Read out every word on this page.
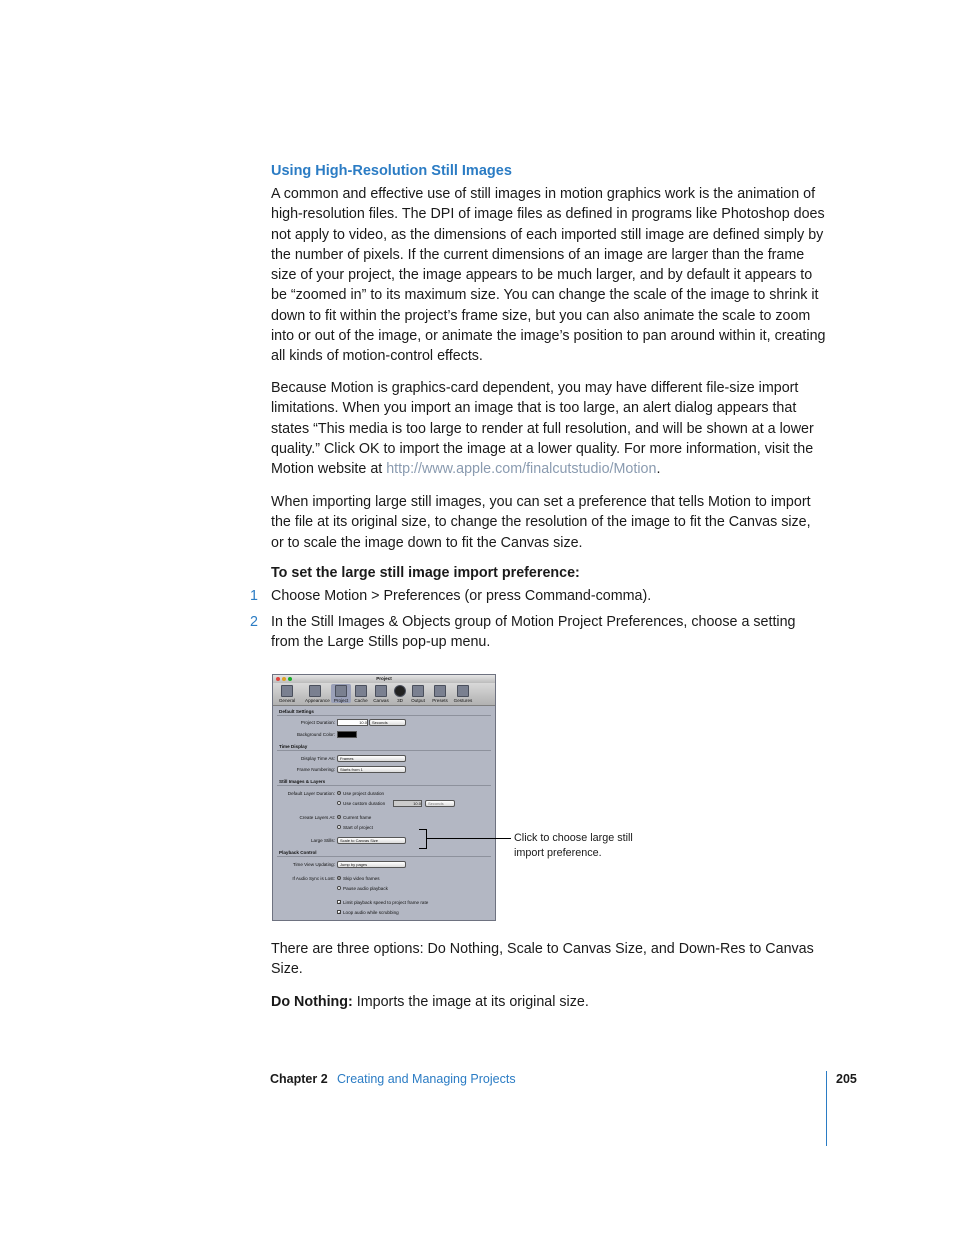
Using High-Resolution Still Images
A common and effective use of still images in motion graphics work is the animation of high-resolution files. The DPI of image files as defined in programs like Photoshop does not apply to video, as the dimensions of each imported still image are defined simply by the number of pixels. If the current dimensions of an image are larger than the frame size of your project, the image appears to be much larger, and by default it appears to be “zoomed in” to its maximum size. You can change the scale of the image to shrink it down to fit within the project’s frame size, but you can also animate the scale to zoom into or out of the image, or animate the image’s position to pan around within it, creating all kinds of motion-control effects.
Because Motion is graphics-card dependent, you may have different file-size import limitations. When you import an image that is too large, an alert dialog appears that states “This media is too large to render at full resolution, and will be shown at a lower quality.” Click OK to import the image at a lower quality. For more information, visit the Motion website at http://www.apple.com/finalcutstudio/Motion.
When importing large still images, you can set a preference that tells Motion to import the file at its original size, to change the resolution of the image to fit the Canvas size, or to scale the image down to fit the Canvas size.
To set the large still image import preference:
1 Choose Motion > Preferences (or press Command-comma).
2 In the Still Images & Objects group of Motion Project Preferences, choose a setting from the Large Stills pop-up menu.
Project
General	Appearance Project	Cache	Canvas	3D	Output	Presets	Gestures
Default Settings
Project Duration:	10.0	Seconds
Background Color:
Time Display
Display Time As:	Frames
Frame Numbering:	Starts from 1
Still Images & Layers
Default Layer Duration: Use project duration
Use custom duration	10.0	Seconds
Create Layers At: Current frame
Start of project
Large Stills:	Scale to Canvas Size
Playback Control
Time View Updating:	Jump by pages
If Audio Sync is Lost: Skip video frames
Pause audio playback
✓ Limit playback speed to project frame rate
✓ Loop audio while scrubbing
Click to choose large still import preference.
There are three options: Do Nothing, Scale to Canvas Size, and Down-Res to Canvas Size.
Do Nothing: Imports the image at its original size.
Chapter 2 Creating and Managing Projects	205
